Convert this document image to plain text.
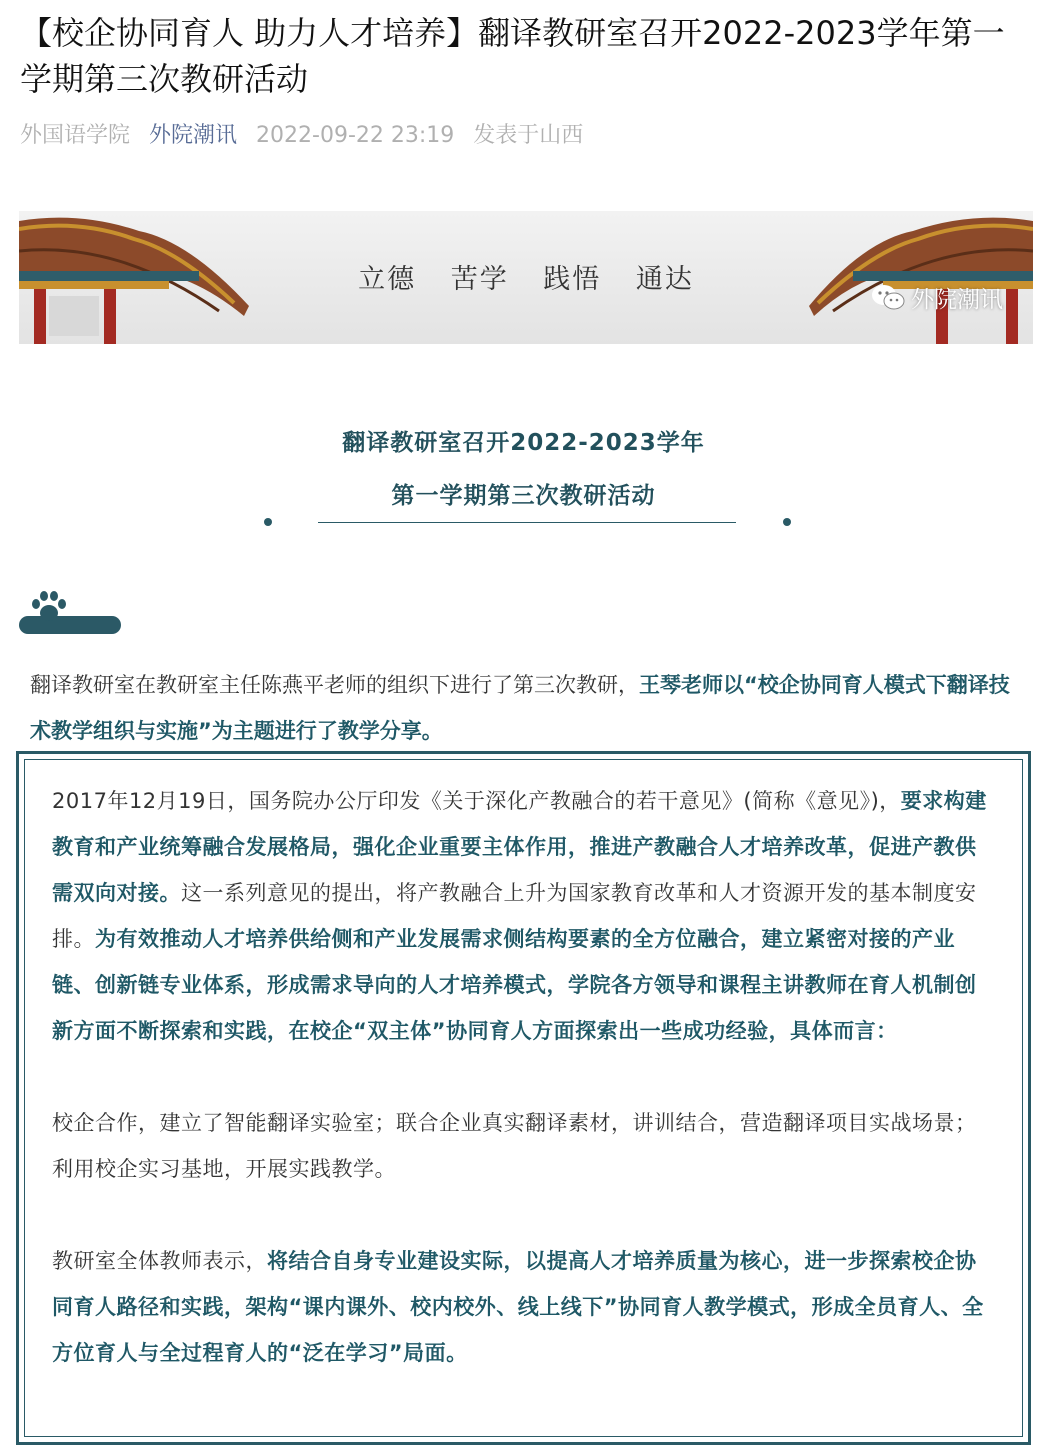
【校企协同育人 助力人才培养】翻译教研室召开2022-2023学年第一学期第三次教研活动
外国语学院 外院潮讯 2022-09-22 23:19 发表于山西
立德 苦学 践悟 通达
外院潮讯
翻译教研室召开2022-2023学年
第一学期第三次教研活动
翻译教研室在教研室主任陈燕平老师的组织下进行了第三次教研，王琴老师以“校企协同育人模式下翻译技术教学组织与实施”为主题进行了教学分享。

2017年12月19日，国务院办公厅印发《关于深化产教融合的若干意见》(简称《意见》)，要求构建教育和产业统筹融合发展格局，强化企业重要主体作用，推进产教融合人才培养改革，促进产教供需双向对接。这一系列意见的提出，将产教融合上升为国家教育改革和人才资源开发的基本制度安排。为有效推动人才培养供给侧和产业发展需求侧结构要素的全方位融合，建立紧密对接的产业链、创新链专业体系，形成需求导向的人才培养模式，学院各方领导和课程主讲教师在育人机制创新方面不断探索和实践，在校企“双主体”协同育人方面探索出一些成功经验，具体而言：

校企合作，建立了智能翻译实验室；联合企业真实翻译素材，讲训结合，营造翻译项目实战场景；利用校企实习基地，开展实践教学。

教研室全体教师表示，将结合自身专业建设实际，以提高人才培养质量为核心，进一步探索校企协同育人路径和实践，架构“课内课外、校内校外、线上线下”协同育人教学模式，形成全员育人、全方位育人与全过程育人的“泛在学习”局面。
